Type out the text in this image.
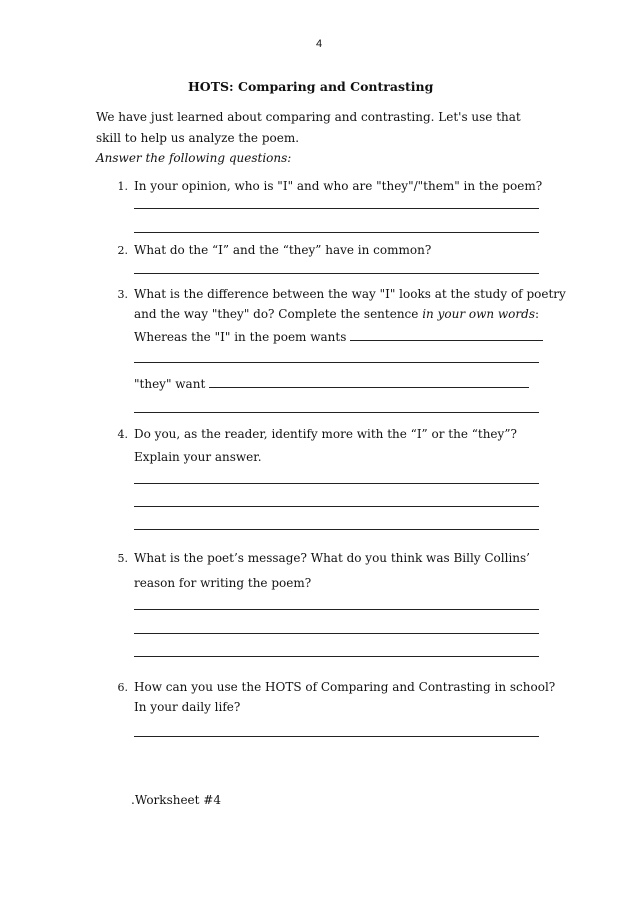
4
HOTS: Comparing and Contrasting
We have just learned about comparing and contrasting. Let's use that skill to help us analyze the poem.
Answer the following questions:
1. In your opinion, who is "I" and who are "they"/"them" in the poem?
2. What do the “I” and the “they” have in common?
3. What is the difference between the way "I" looks at the study of poetry
and the way "they" do? Complete the sentence in your own words:
Whereas the "I" in the poem wants
"they" want
4. Do you, as the reader, identify more with the “I” or the “they”?
Explain your answer.
5. What is the poet’s message? What do you think was Billy Collins’
reason for writing the poem?
6. How can you use the HOTS of Comparing and Contrasting in school?
In your daily life?
.Worksheet #4
